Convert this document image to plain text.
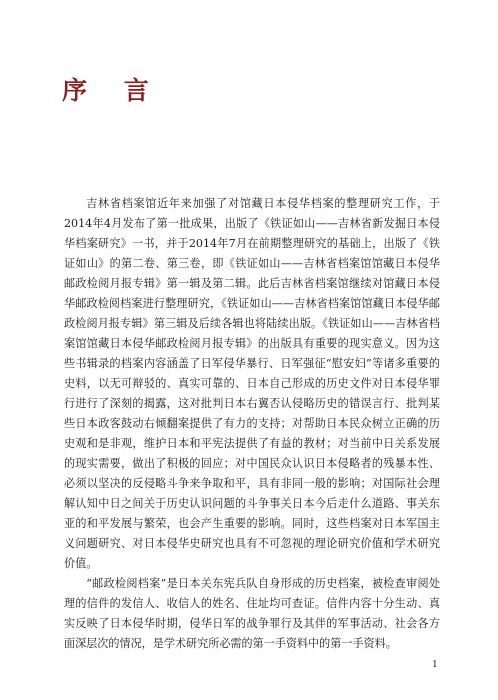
序 言

吉林省档案馆近年来加强了对馆藏日本侵华档案的整理研究工作，于2014年4月发布了第一批成果，出版了《铁证如山——吉林省新发掘日本侵华档案研究》一书，并于2014年7月在前期整理研究的基础上，出版了《铁证如山》的第二卷、第三卷，即《铁证如山——吉林省档案馆馆藏日本侵华邮政检阅月报专辑》第一辑及第二辑。此后吉林省档案馆继续对馆藏日本侵华邮政检阅档案进行整理研究，《铁证如山——吉林省档案馆馆藏日本侵华邮政检阅月报专辑》第三辑及后续各辑也将陆续出版。《铁证如山——吉林省档案馆馆藏日本侵华邮政检阅月报专辑》的出版具有重要的现实意义。因为这些书辑录的档案内容涵盖了日军侵华暴行、日军强征“慰安妇”等诸多重要的史料，以无可辩驳的、真实可靠的、日本自己形成的历史文件对日本侵华罪行进行了深刻的揭露，这对批判日本右翼否认侵略历史的错误言行、批判某些日本政客鼓动右倾翻案提供了有力的支持；对帮助日本民众树立正确的历史观和是非观，维护日本和平宪法提供了有益的教材；对当前中日关系发展的现实需要，做出了积极的回应；对中国民众认识日本侵略者的残暴本性、必须以坚决的反侵略斗争来争取和平，具有非同一般的影响；对国际社会理解认知中日之间关于历史认识问题的斗争事关日本今后走什么道路、事关东亚的和平发展与繁荣，也会产生重要的影响。同时，这些档案对日本军国主义问题研究、对日本侵华史研究也具有不可忽视的理论研究价值和学术研究价值。

“邮政检阅档案”是日本关东宪兵队自身形成的历史档案，被检查审阅处理的信件的发信人、收信人的姓名、住址均可查证。信件内容十分生动、真实反映了日本侵华时期，侵华日军的战争罪行及其伴的军事活动、社会各方面深层次的情况，是学术研究所必需的第一手资料中的第一手资料。

1
